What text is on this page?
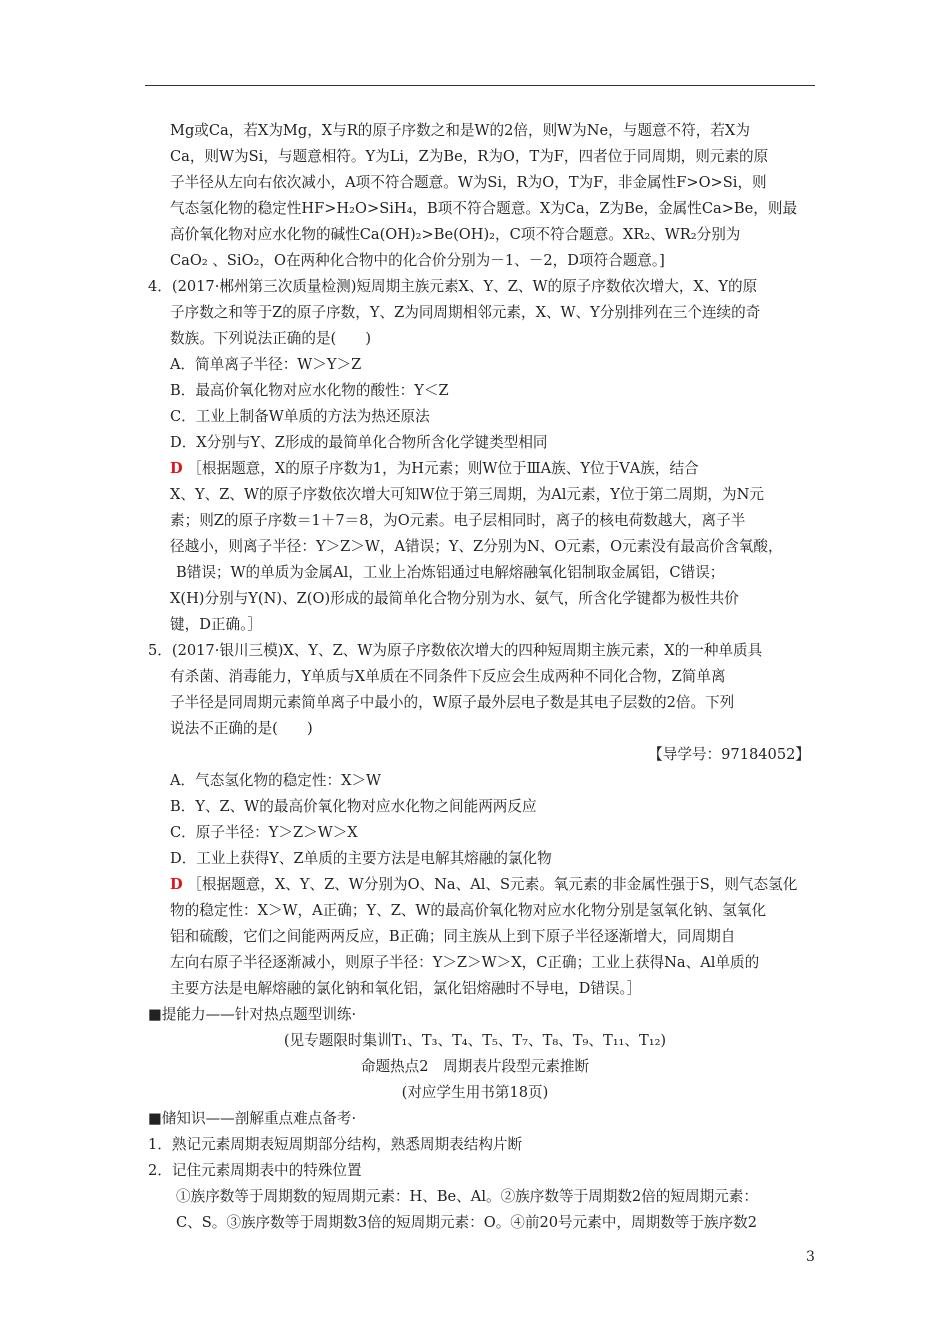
Mg或Ca，若X为Mg，X与R的原子序数之和是W的2倍，则W为Ne，与题意不符，若X为
Ca，则W为Si，与题意相符。Y为Li，Z为Be，R为O，T为F，四者位于同周期，则元素的原
子半径从左向右依次减小，A项不符合题意。W为Si，R为O，T为F，非金属性F>O>Si，则
气态氢化物的稳定性HF>H₂O>SiH₄，B项不符合题意。X为Ca，Z为Be，金属性Ca>Be，则最
高价氧化物对应水化物的碱性Ca(OH)₂>Be(OH)₂，C项不符合题意。XR₂、WR₂分别为
CaO₂ 、SiO₂，O在两种化合物中的化合价分别为－1、－2，D项符合题意。]
4．(2017·郴州第三次质量检测)短周期主族元素X、Y、Z、W的原子序数依次增大，X、Y的原
子序数之和等于Z的原子序数，Y、Z为同周期相邻元素，X、W、Y分别排列在三个连续的奇
数族。下列说法正确的是(　　)
A．简单离子半径：W＞Y＞Z
B．最高价氧化物对应水化物的酸性：Y＜Z
C．工业上制备W单质的方法为热还原法
D．X分别与Y、Z形成的最简单化合物所含化学键类型相同
D ［根据题意，X的原子序数为1，为H元素；则W位于ⅢA族、Y位于ⅤA族，结合
X、Y、Z、W的原子序数依次增大可知W位于第三周期，为Al元素，Y位于第二周期，为N元
素；则Z的原子序数＝1＋7＝8，为O元素。电子层相同时，离子的核电荷数越大，离子半
径越小，则离子半径：Y＞Z＞W，A错误；Y、Z分别为N、O元素，O元素没有最高价含氧酸，
B错误；W的单质为金属Al，工业上冶炼铝通过电解熔融氧化铝制取金属铝，C错误；
X(H)分别与Y(N)、Z(O)形成的最简单化合物分别为水、氨气，所含化学键都为极性共价
键，D正确。］
5．(2017·银川三模)X、Y、Z、W为原子序数依次增大的四种短周期主族元素，X的一种单质具
有杀菌、消毒能力，Y单质与X单质在不同条件下反应会生成两种不同化合物，Z简单离
子半径是同周期元素简单离子中最小的，W原子最外层电子数是其电子层数的2倍。下列
说法不正确的是(　　)
【导学号：97184052】
A．气态氢化物的稳定性：X＞W
B．Y、Z、W的最高价氧化物对应水化物之间能两两反应
C．原子半径：Y＞Z＞W＞X
D．工业上获得Y、Z单质的主要方法是电解其熔融的氯化物
D ［根据题意，X、Y、Z、W分别为O、Na、Al、S元素。氧元素的非金属性强于S，则气态氢化
物的稳定性：X＞W，A正确；Y、Z、W的最高价氧化物对应水化物分别是氢氧化钠、氢氧化
铝和硫酸，它们之间能两两反应，B正确；同主族从上到下原子半径逐渐增大，同周期自
左向右原子半径逐渐减小，则原子半径：Y＞Z＞W＞X，C正确；工业上获得Na、Al单质的
主要方法是电解熔融的氯化钠和氧化铝，氯化铝熔融时不导电，D错误。］
■提能力——针对热点题型训练·
(见专题限时集训T₁、T₃、T₄、T₅、T₇、T₈、T₉、T₁₁、T₁₂)
命题热点2　周期表片段型元素推断
(对应学生用书第18页)
■储知识——剖解重点难点备考·
1．熟记元素周期表短周期部分结构，熟悉周期表结构片断
2．记住元素周期表中的特殊位置
①族序数等于周期数的短周期元素：H、Be、Al。②族序数等于周期数2倍的短周期元素：
C、S。③族序数等于周期数3倍的短周期元素：O。④前20号元素中，周期数等于族序数2
3
